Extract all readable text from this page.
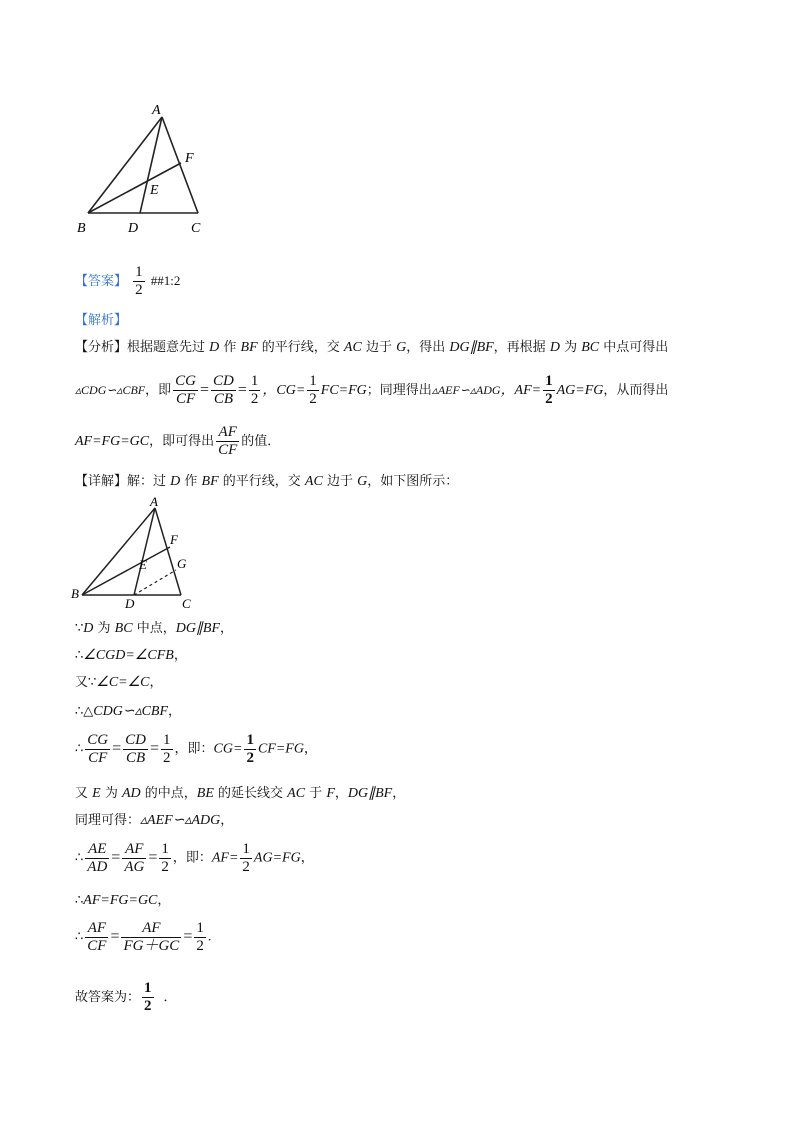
A
B	C
D
E
F
【答案】 $\frac{1}{2}$ ##1:2
【解析】
【分析】根据题意先过 D 作 BF 的平行线，交 AC 边于 G，得出 DG∥BF，再根据 D 为 BC 中点可得出
▵CDG∽▵CBF，即 $\frac{CG}{CF} = \frac{CD}{CB} = \frac{1}{2}$ ，$CG= \frac{1}{2} FC=FG$；同理得出▵AEF∽▵ADG，$AF= \frac{1}{2} AG=FG$，从而得出
AF=FG=GC，即可得出 $\frac{AF}{CF}$ 的值．
【详解】解：过 D 作 BF 的平行线，交 AC 边于 G，如下图所示：
A
B
C
D
E
F
G
∵D 为 BC 中点，DG∥BF，
∴∠CGD=∠CFB，
又∵∠C=∠C，
∴△CDG∽▵CBF，
∴ $\frac{CG}{CF} = \frac{CD}{CB} = \frac{1}{2}$ ，即：$CG= \frac{1}{2} CF=FG$，
又 E 为 AD 的中点，BE 的延长线交 AC 于 F，DG∥BF，
同理可得：▵AEF∽▵ADG，
∴ $\frac{AE}{AD} = \frac{AF}{AG} = \frac{1}{2}$ ，即：$AF= \frac{1}{2} AG=FG$，
∴AF=FG=GC，
∴ $\frac{AF}{CF} = \frac{AF}{FG+GC} = \frac{1}{2}$ .
故答案为： $\frac{1}{2}$ ．
